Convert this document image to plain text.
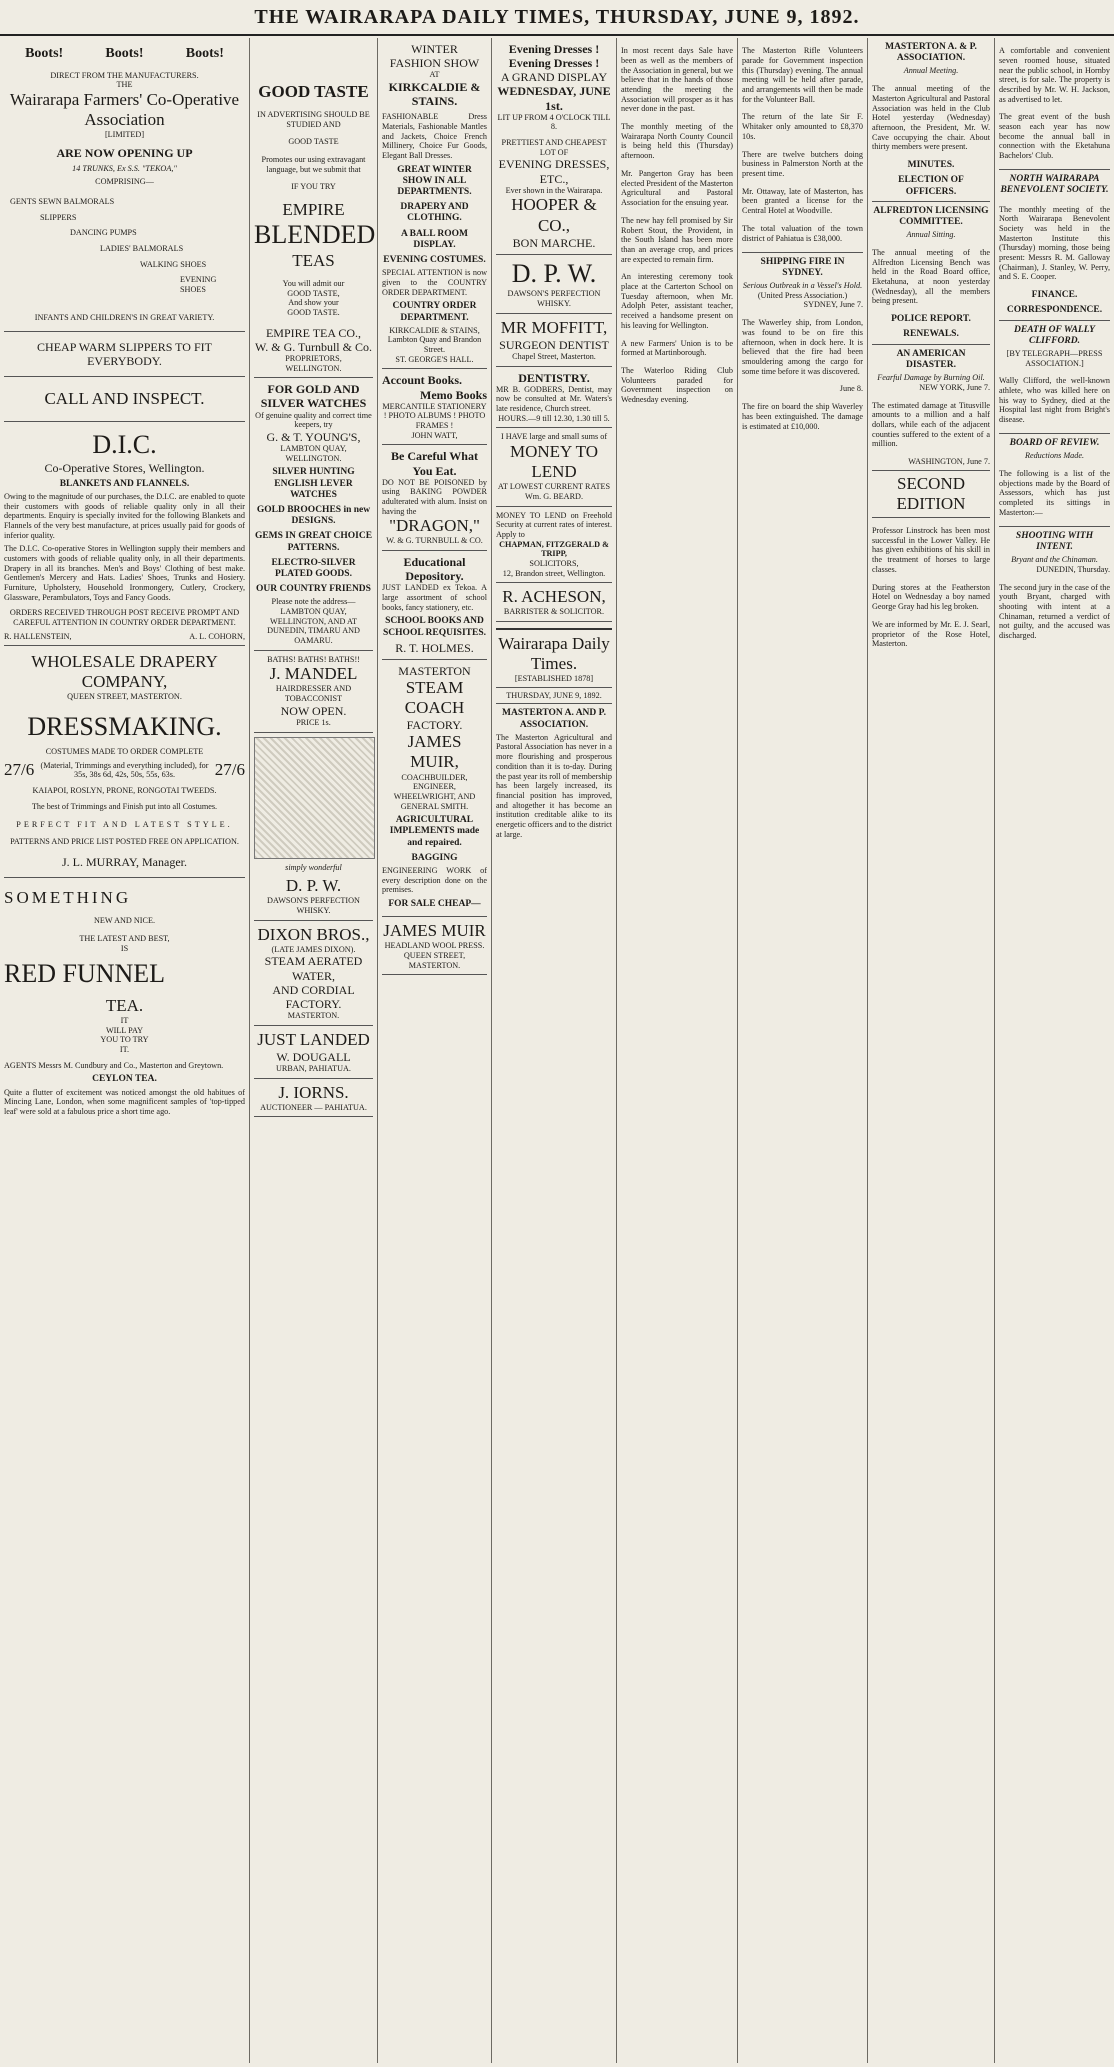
THE WAIRARAPA DAILY TIMES, THURSDAY, JUNE 9, 1892.
Boots!	Boots!	Boots!
DIRECT FROM THE MANUFACTURERS.
THE
Wairarapa Farmers' Co-Operative Association
[LIMITED]
ARE NOW OPENING UP
14 TRUNKS, Ex S.S. "TEKOA,"
COMPRISING—
GENTS SEWN BALMORALS
SLIPPERS
DANCING PUMPS
LADIES' BALMORALS
WALKING SHOES
EVENING SHOES
INFANTS AND CHILDREN'S IN GREAT VARIETY.
CHEAP WARM SLIPPERS TO FIT EVERYBODY.
CALL AND INSPECT.
D.I.C.
Co-Operative Stores, Wellington.
BLANKETS AND FLANNELS.
Owing to the magnitude of our purchases, the D.I.C. are enabled to quote their customers with goods of reliable quality only in all their departments. Enquiry is specially invited for the following Blankets and Flannels of the very best manufacture, at prices usually paid for goods of inferior quality.
The D.I.C. Co-operative Stores in Wellington supply their members and customers with goods of reliable quality only, in all their departments. Drapery in all its branches. Men's and Boys' Clothing of best make. Gentlemen's Mercery and Hats. Ladies' Shoes, Trunks and Hosiery. Furniture, Upholstery, Household Ironmongery, Cutlery, Crockery, Glassware, Perambulators, Toys and Fancy Goods.
ORDERS RECEIVED THROUGH POST RECEIVE PROMPT AND CAREFUL ATTENTION IN COUNTRY ORDER DEPARTMENT.
R. HALLENSTEIN,	A. L. COHORN,
WHOLESALE DRAPERY COMPANY,
QUEEN STREET, MASTERTON.
DRESSMAKING.
COSTUMES MADE TO ORDER COMPLETE
27/6 (Material, Trimmings and everything included), for 35s, 38s 6d, 42s, 50s, 55s, 63s.	27/6
KAIAPOI, ROSLYN, PRONE, RONGOTAI TWEEDS.
The best of Trimmings and Finish put into all Costumes.
PERFECT FIT AND LATEST STYLE.
PATTERNS AND PRICE LIST POSTED FREE ON APPLICATION.
J. L. MURRAY, Manager.
SOMETHING
NEW AND NICE.
THE LATEST AND BEST,
IS
RED FUNNEL
TEA.
IT
WILL PAY
YOU TO TRY
IT.
AGENTS Messrs M. Cundbury and Co., Masterton and Greytown.
CEYLON TEA.
Quite a flutter of excitement was noticed amongst the old habitues of Mincing Lane, London, when some magnificent samples of 'top-tipped leaf' were sold at a fabulous price a short time ago.
GOOD TASTE
IN ADVERTISING SHOULD BE STUDIED AND
GOOD TASTE
Promotes our using extravagant language, but we submit that
IF YOU TRY
EMPIRE
BLENDED
TEAS
You will admit our
GOOD TASTE,
And show your
GOOD TASTE.
EMPIRE TEA CO.,
W. & G. Turnbull & Co.
PROPRIETORS,
WELLINGTON.
FOR GOLD AND SILVER WATCHES
Of genuine quality and correct time keepers, try
G. & T. YOUNG'S,
LAMBTON QUAY, WELLINGTON.
SILVER HUNTING ENGLISH LEVER WATCHES
GOLD BROOCHES in new DESIGNS.
GEMS IN GREAT CHOICE PATTERNS.
ELECTRO-SILVER PLATED GOODS.
OUR COUNTRY FRIENDS
Please note the address—
LAMBTON QUAY, WELLINGTON, AND AT DUNEDIN, TIMARU AND OAMARU.
BATHS! BATHS! BATHS!!
J. MANDEL
HAIRDRESSER AND TOBACCONIST
NOW OPEN.
PRICE 1s.
simply wonderful
D. P. W.
DAWSON'S PERFECTION WHISKY.
DIXON BROS.,
(LATE JAMES DIXON).
STEAM AERATED WATER,
AND CORDIAL FACTORY.
MASTERTON.
JUST LANDED
W. DOUGALL
URBAN, PAHIATUA.
J. IORNS.
AUCTIONEER — PAHIATUA.
WINTER
FASHION SHOW
AT
KIRKCALDIE & STAINS.
FASHIONABLE Dress Materials, Fashionable Mantles and Jackets, Choice French Millinery, Choice Fur Goods, Elegant Ball Dresses.
GREAT WINTER SHOW IN ALL DEPARTMENTS.
DRAPERY AND CLOTHING.
A BALL ROOM DISPLAY.
EVENING COSTUMES.
SPECIAL ATTENTION is now given to the COUNTRY ORDER DEPARTMENT.
COUNTRY ORDER DEPARTMENT.
KIRKCALDIE & STAINS,
Lambton Quay and Brandon Street.
ST. GEORGE'S HALL.
Account Books.
Memo Books
MERCANTILE STATIONERY ! PHOTO ALBUMS ! PHOTO FRAMES !
JOHN WATT,
Be Careful What You Eat.
DO NOT BE POISONED by using BAKING POWDER adulterated with alum. Insist on having the
"DRAGON,"
W. & G. TURNBULL & CO.
Educational Depository.
JUST LANDED ex Tekoa. A large assortment of school books, fancy stationery, etc.
SCHOOL BOOKS AND SCHOOL REQUISITES.
R. T. HOLMES.
MASTERTON
STEAM COACH
FACTORY.
JAMES MUIR,
COACHBUILDER, ENGINEER, WHEELWRIGHT, AND GENERAL SMITH.
AGRICULTURAL IMPLEMENTS made and repaired.
BAGGING
ENGINEERING WORK of every description done on the premises.
FOR SALE CHEAP—
JAMES MUIR
HEADLAND WOOL PRESS.
QUEEN STREET, MASTERTON.
Evening Dresses !
Evening Dresses !
A GRAND DISPLAY
WEDNESDAY, JUNE 1st.
LIT UP FROM 4 O'CLOCK TILL 8.
PRETTIEST AND CHEAPEST LOT OF
EVENING DRESSES, ETC.,
Ever shown in the Wairarapa.
HOOPER & CO.,
BON MARCHE.
D. P. W.
DAWSON'S PERFECTION WHISKY.
MR MOFFITT,
SURGEON DENTIST
Chapel Street, Masterton.
DENTISTRY.
MR B. GODBERS, Dentist, may now be consulted at Mr. Waters's late residence, Church street.
HOURS.—9 till 12.30, 1.30 till 5.
I HAVE large and small sums of
MONEY TO LEND
AT LOWEST CURRENT RATES
Wm. G. BEARD.
MONEY TO LEND on Freehold Security at current rates of interest. Apply to
CHAPMAN, FITZGERALD & TRIPP,
SOLICITORS,
12, Brandon street, Wellington.
R. ACHESON,
BARRISTER & SOLICITOR.
Wairarapa Daily Times.
[ESTABLISHED 1878]
THURSDAY, JUNE 9, 1892.
MASTERTON A. AND P. ASSOCIATION.
The Masterton Agricultural and Pastoral Association has never in a more flourishing and prosperous condition than it is to-day. During the past year its roll of membership has been largely increased, its financial position has improved, and altogether it has become an institution creditable alike to its energetic officers and to the district at large.

In most recent days Sale have been as well as the members of the Association in general, but we believe that in the hands of those attending the meeting the Association will prosper as it has never done in the past.

The monthly meeting of the Wairarapa North County Council is being held this (Thursday) afternoon.

Mr. Pangerton Gray has been elected President of the Masterton Agricultural and Pastoral Association for the ensuing year.

The new hay fell promised by Sir Robert Stout, the Provident, in the South Island has been more than an average crop, and prices are expected to remain firm.

An interesting ceremony took place at the Carterton School on Tuesday afternoon, when Mr. Adolph Peter, assistant teacher, received a handsome present on his leaving for Wellington.

A new Farmers' Union is to be formed at Martinborough.

The Waterloo Riding Club Volunteers paraded for Government inspection on Wednesday evening.

The Masterton Rifle Volunteers parade for Government inspection this (Thursday) evening. The annual meeting will be held after parade, and arrangements will then be made for the Volunteer Ball.

The return of the late Sir F. Whitaker only amounted to £8,370 10s.

There are twelve butchers doing business in Palmerston North at the present time.

Mr. Ottaway, late of Masterton, has been granted a license for the Central Hotel at Woodville.

The total valuation of the town district of Pahiatua is £38,000.

SHIPPING FIRE IN SYDNEY.
Serious Outbreak in a Vessel's Hold.
(United Press Association.)
SYDNEY, June 7.

The Wawerley ship, from London, was found to be on fire this afternoon, when in dock here. It is believed that the fire had been smouldering among the cargo for some time before it was discovered.

June 8.

The fire on board the ship Waverley has been extinguished. The damage is estimated at £10,000.

MASTERTON A. & P. ASSOCIATION.
Annual Meeting.

The annual meeting of the Masterton Agricultural and Pastoral Association was held in the Club Hotel yesterday (Wednesday) afternoon, the President, Mr. W. Cave occupying the chair. About thirty members were present.

MINUTES.
ELECTION OF OFFICERS.
ALFREDTON LICENSING COMMITTEE.
Annual Sitting.

The annual meeting of the Alfredton Licensing Bench was held in the Road Board office, Eketahuna, at noon yesterday (Wednesday), all the members being present.

POLICE REPORT.
RENEWALS.
AN AMERICAN DISASTER.
Fearful Damage by Burning Oil.
NEW YORK, June 7.

The estimated damage at Titusville amounts to a million and a half dollars, while each of the adjacent counties suffered to the extent of a million.

WASHINGTON, June 7.
SECOND EDITION

Professor Linstrock has been most successful in the Lower Valley. He has given exhibitions of his skill in the treatment of horses to large classes.

During stores at the Featherston Hotel on Wednesday a boy named George Gray had his leg broken.

We are informed by Mr. E. J. Searl, proprietor of the Rose Hotel, Masterton.

A comfortable and convenient seven roomed house, situated near the public school, in Hornby street, is for sale. The property is described by Mr. W. H. Jackson, as advertised to let.

The great event of the bush season each year has now become the annual ball in connection with the Eketahuna Bachelors' Club.

NORTH WAIRARAPA BENEVOLENT SOCIETY.

The monthly meeting of the North Wairarapa Benevolent Society was held in the Masterton Institute this (Thursday) morning, those being present: Messrs R. M. Galloway (Chairman), J. Stanley, W. Perry, and S. E. Cooper.

FINANCE.
CORRESPONDENCE.
DEATH OF WALLY CLIFFORD.
[BY TELEGRAPH—PRESS ASSOCIATION.]

Wally Clifford, the well-known athlete, who was killed here on his way to Sydney, died at the Hospital last night from Bright's disease.

BOARD OF REVIEW.
Reductions Made.

The following is a list of the objections made by the Board of Assessors, which has just completed its sittings in Masterton:—

SHOOTING WITH INTENT.
Bryant and the Chinaman.
DUNEDIN, Thursday.

The second jury in the case of the youth Bryant, charged with shooting with intent at a Chinaman, returned a verdict of not guilty, and the accused was discharged.
